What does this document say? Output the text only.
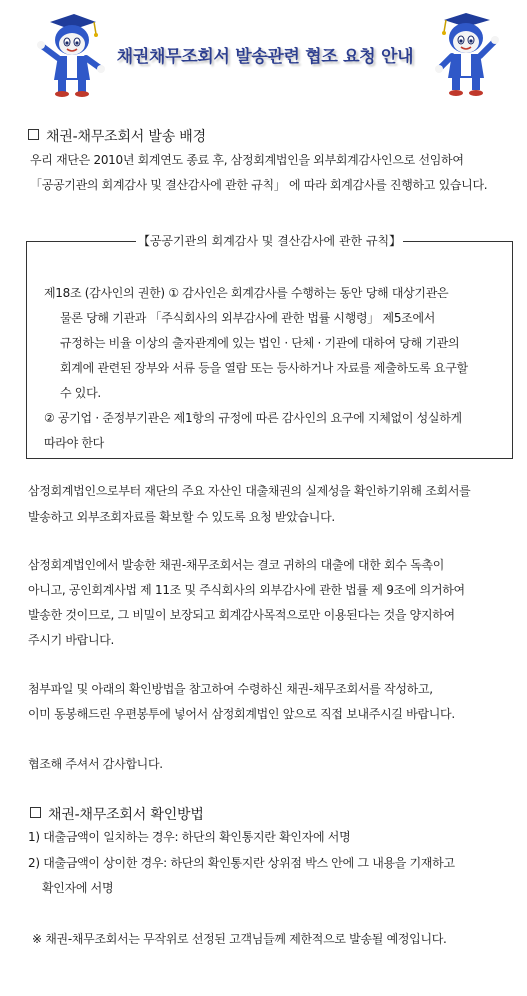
채권채무조회서 발송관련 협조 요청 안내
채권-채무조회서 발송 배경
우리 재단은 2010년 회계연도 종료 후, 삼정회계법인을 외부회계감사인으로 선임하여
「공공기관의 회계감사 및 결산감사에 관한 규칙」 에 따라 회계감사를 진행하고 있습니다.
【공공기관의 회계감사 및 결산감사에 관한 규칙】
제18조 (감사인의 권한) ① 감사인은 회계감사를 수행하는 동안 당해 대상기관은
물론 당해 기관과 「주식회사의 외부감사에 관한 법률 시행령」 제5조에서
규정하는 비율 이상의 출자관계에 있는 법인 · 단체 · 기관에 대하여 당해 기관의
회계에 관련된 장부와 서류 등을 열람 또는 등사하거나 자료를 제출하도록 요구할
수 있다.
② 공기업 · 준정부기관은 제1항의 규정에 따른 감사인의 요구에 지체없이 성실하게
따라야 한다
삼정회계법인으로부터 재단의 주요 자산인 대출채권의 실제성을 확인하기위해 조회서를
발송하고 외부조회자료를 확보할 수 있도록 요청 받았습니다.
삼정회계법인에서 발송한 채권-채무조회서는 결코 귀하의 대출에 대한 회수 독촉이
아니고, 공인회계사법 제 11조 및 주식회사의 외부감사에 관한 법률 제 9조에 의거하여
발송한 것이므로, 그 비밀이 보장되고 회계감사목적으로만 이용된다는 것을 양지하여
주시기 바랍니다.
첨부파일 및 아래의 확인방법을 참고하여 수령하신 채권-채무조회서를 작성하고,
이미 동봉해드린 우편봉투에 넣어서 삼정회계법인 앞으로 직접 보내주시길 바랍니다.
협조해 주셔서 감사합니다.
채권-채무조회서 확인방법
1) 대출금액이 일치하는 경우: 하단의 확인통지란 확인자에 서명
2) 대출금액이 상이한 경우: 하단의 확인통지란 상위점 박스 안에 그 내용을 기재하고
확인자에 서명
※ 채권-채무조회서는 무작위로 선정된 고객님들께 제한적으로 발송될 예정입니다.
